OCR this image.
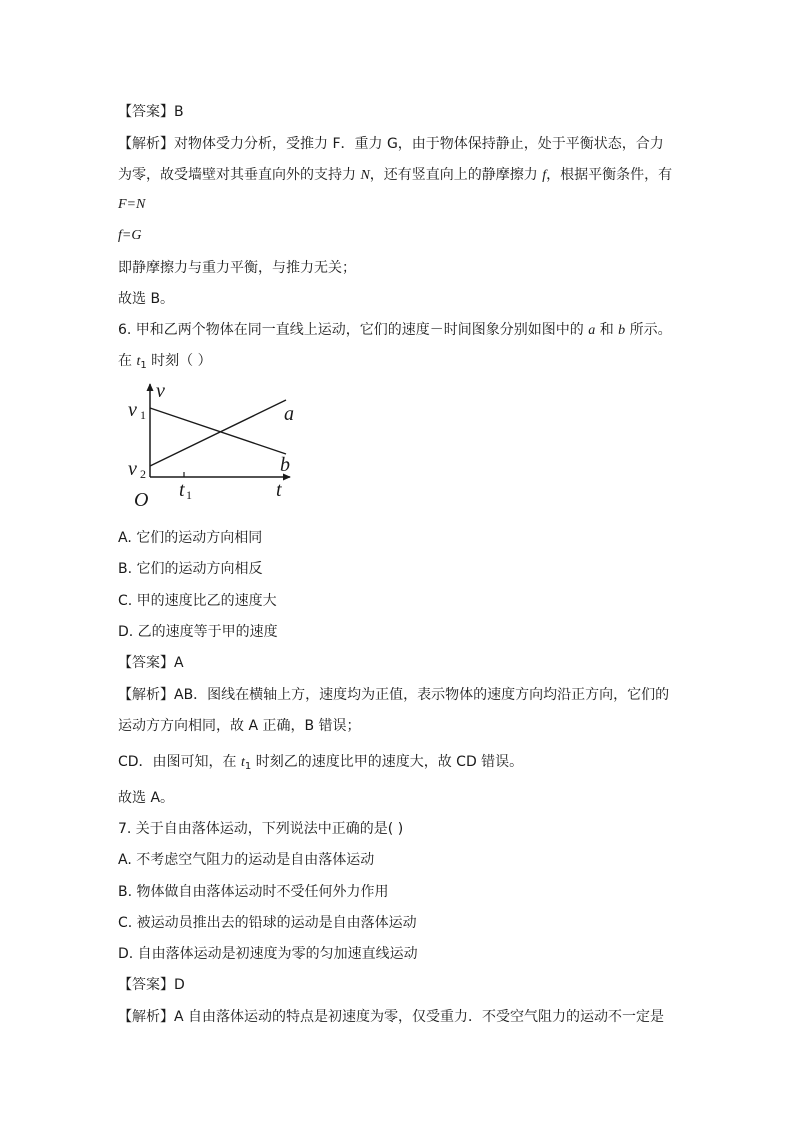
【答案】B
【解析】对物体受力分析，受推力 F．重力 G，由于物体保持静止，处于平衡状态，合力
为零，故受墙壁对其垂直向外的支持力 N，还有竖直向上的静摩擦力 f，根据平衡条件，有
F=N
f=G
即静摩擦力与重力平衡，与推力无关；
故选 B。
6. 甲和乙两个物体在同一直线上运动，它们的速度－时间图象分别如图中的 a 和 b 所示。
在 $t_1$ 时刻（ ）
v
v 1
v 2
O t 1	t
a
b
A. 它们的运动方向相同
B. 它们的运动方向相反
C. 甲的速度比乙的速度大
D. 乙的速度等于甲的速度
【答案】A
【解析】AB．图线在横轴上方，速度均为正值，表示物体的速度方向均沿正方向，它们的
运动方方向相同，故 A 正确，B 错误；
CD．由图可知，在 $t_1$ 时刻乙的速度比甲的速度大，故 CD 错误。
故选 A。
7. 关于自由落体运动，下列说法中正确的是( )
A. 不考虑空气阻力的运动是自由落体运动
B. 物体做自由落体运动时不受任何外力作用
C. 被运动员推出去的铅球的运动是自由落体运动
D. 自由落体运动是初速度为零的匀加速直线运动
【答案】D
【解析】A 自由落体运动的特点是初速度为零，仅受重力．不受空气阻力的运动不一定是
